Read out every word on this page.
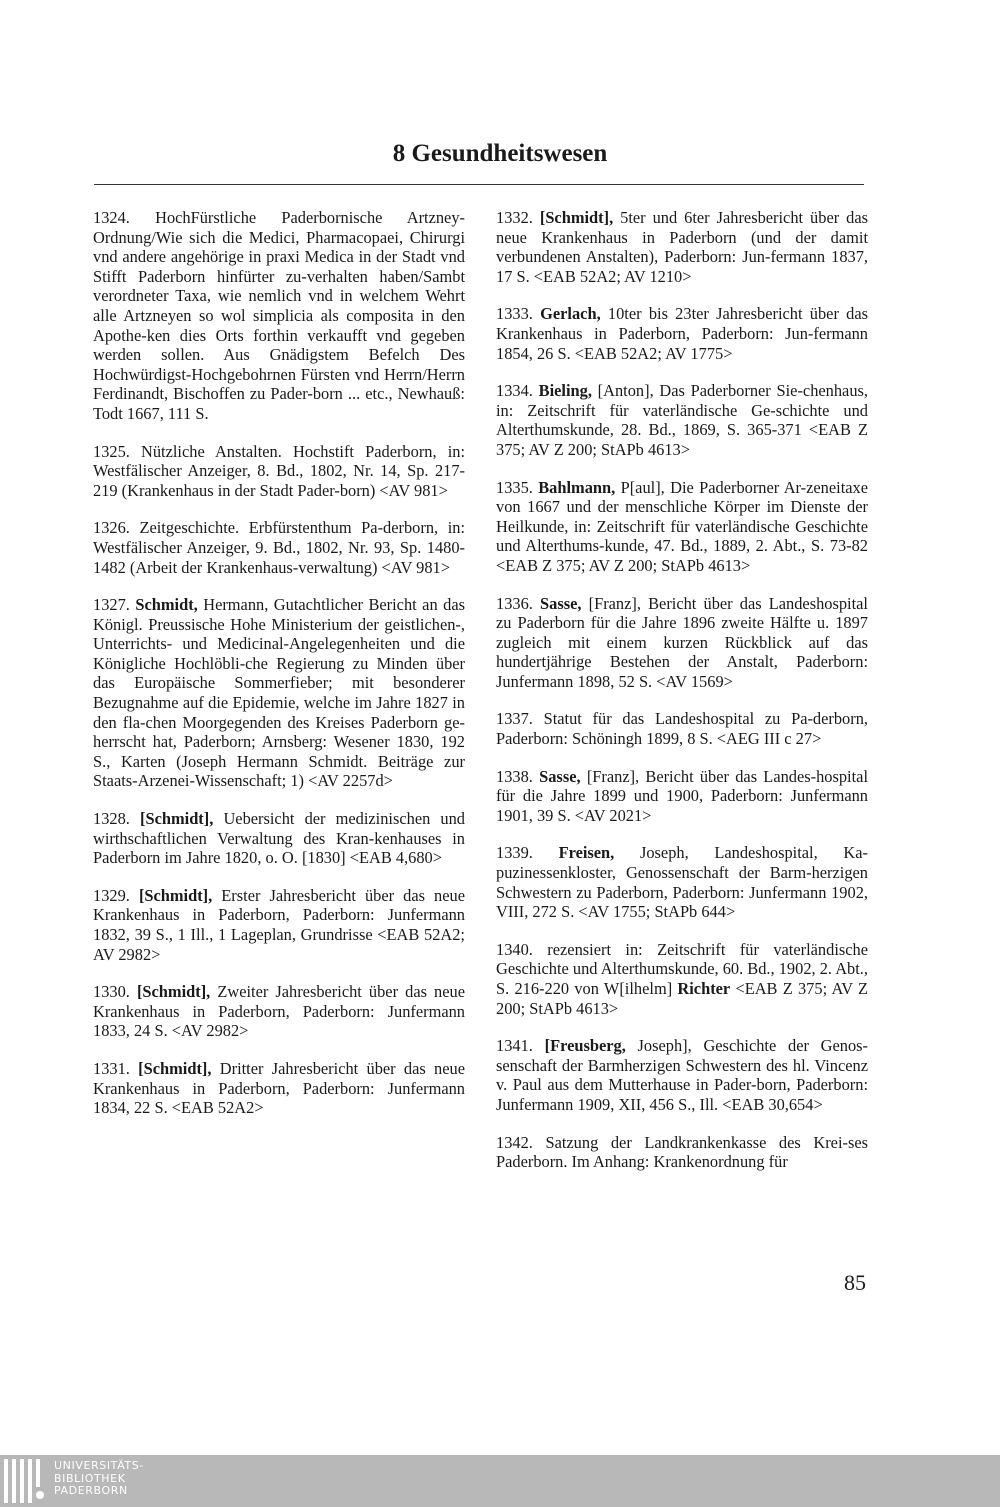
8 Gesundheitswesen

1324. HochFürstliche Paderbornische Artzney-Ordnung/Wie sich die Medici, Pharmacopaei, Chirurgi vnd andere angehörige in praxi Medica in der Stadt vnd Stifft Paderborn hinfürter zu-verhalten haben/Sambt verordneter Taxa, wie nemlich vnd in welchem Wehrt alle Artzneyen so wol simplicia als composita in den Apothe-ken dies Orts forthin verkaufft vnd gegeben werden sollen. Aus Gnädigstem Befelch Des Hochwürdigst-Hochgebohrnen Fürsten vnd Herrn/Herrn Ferdinandt, Bischoffen zu Pader-born ... etc., Newhauß: Todt 1667, 111 S.

1325. Nützliche Anstalten. Hochstift Paderborn, in: Westfälischer Anzeiger, 8. Bd., 1802, Nr. 14, Sp. 217-219 (Krankenhaus in der Stadt Pader-born) <AV 981>

1326. Zeitgeschichte. Erbfürstenthum Pa-derborn, in: Westfälischer Anzeiger, 9. Bd., 1802, Nr. 93, Sp. 1480-1482 (Arbeit der Krankenhaus-verwaltung) <AV 981>

1327. Schmidt, Hermann, Gutachtlicher Bericht an das Königl. Preussische Hohe Ministerium der geistlichen-, Unterrichts- und Medicinal-Angelegenheiten und die Königliche Hochlöbli-che Regierung zu Minden über das Europäische Sommerfieber; mit besonderer Bezugnahme auf die Epidemie, welche im Jahre 1827 in den fla-chen Moorgegenden des Kreises Paderborn ge-herrscht hat, Paderborn; Arnsberg: Wesener 1830, 192 S., Karten (Joseph Hermann Schmidt. Beiträge zur Staats-Arzenei-Wissenschaft; 1) <AV 2257d>

1328. [Schmidt], Uebersicht der medizinischen und wirthschaftlichen Verwaltung des Kran-kenhauses in Paderborn im Jahre 1820, o. O. [1830] <EAB 4,680>

1329. [Schmidt], Erster Jahresbericht über das neue Krankenhaus in Paderborn, Paderborn: Junfermann 1832, 39 S., 1 Ill., 1 Lageplan, Grundrisse <EAB 52A2; AV 2982>

1330. [Schmidt], Zweiter Jahresbericht über das neue Krankenhaus in Paderborn, Paderborn: Junfermann 1833, 24 S. <AV 2982>

1331. [Schmidt], Dritter Jahresbericht über das neue Krankenhaus in Paderborn, Paderborn: Junfermann 1834, 22 S. <EAB 52A2>

1332. [Schmidt], 5ter und 6ter Jahresbericht über das neue Krankenhaus in Paderborn (und der damit verbundenen Anstalten), Paderborn: Jun-fermann 1837, 17 S. <EAB 52A2; AV 1210>

1333. Gerlach, 10ter bis 23ter Jahresbericht über das Krankenhaus in Paderborn, Paderborn: Jun-fermann 1854, 26 S. <EAB 52A2; AV 1775>

1334. Bieling, [Anton], Das Paderborner Sie-chenhaus, in: Zeitschrift für vaterländische Ge-schichte und Alterthumskunde, 28. Bd., 1869, S. 365-371 <EAB Z 375; AV Z 200; StAPb 4613>

1335. Bahlmann, P[aul], Die Paderborner Ar-zeneitaxe von 1667 und der menschliche Körper im Dienste der Heilkunde, in: Zeitschrift für vaterländische Geschichte und Alterthums-kunde, 47. Bd., 1889, 2. Abt., S. 73-82 <EAB Z 375; AV Z 200; StAPb 4613>

1336. Sasse, [Franz], Bericht über das Landeshospital zu Paderborn für die Jahre 1896 zweite Hälfte u. 1897 zugleich mit einem kurzen Rückblick auf das hundertjährige Bestehen der Anstalt, Paderborn: Junfermann 1898, 52 S. <AV 1569>

1337. Statut für das Landeshospital zu Pa-derborn, Paderborn: Schöningh 1899, 8 S. <AEG III c 27>

1338. Sasse, [Franz], Bericht über das Landes-hospital für die Jahre 1899 und 1900, Paderborn: Junfermann 1901, 39 S. <AV 2021>

1339. Freisen, Joseph, Landeshospital, Ka-puzinessenkloster, Genossenschaft der Barm-herzigen Schwestern zu Paderborn, Paderborn: Junfermann 1902, VIII, 272 S. <AV 1755; StAPb 644>

1340. rezensiert in: Zeitschrift für vaterländische Geschichte und Alterthumskunde, 60. Bd., 1902, 2. Abt., S. 216-220 von W[ilhelm] Richter <EAB Z 375; AV Z 200; StAPb 4613>

1341. [Freusberg, Joseph], Geschichte der Genos-senschaft der Barmherzigen Schwestern des hl. Vincenz v. Paul aus dem Mutterhause in Pader-born, Paderborn: Junfermann 1909, XII, 456 S., Ill. <EAB 30,654>

1342. Satzung der Landkrankenkasse des Krei-ses Paderborn. Im Anhang: Krankenordnung für

85
UNIVERSITÄTS-
BIBLIOTHEK
PADERBORN
